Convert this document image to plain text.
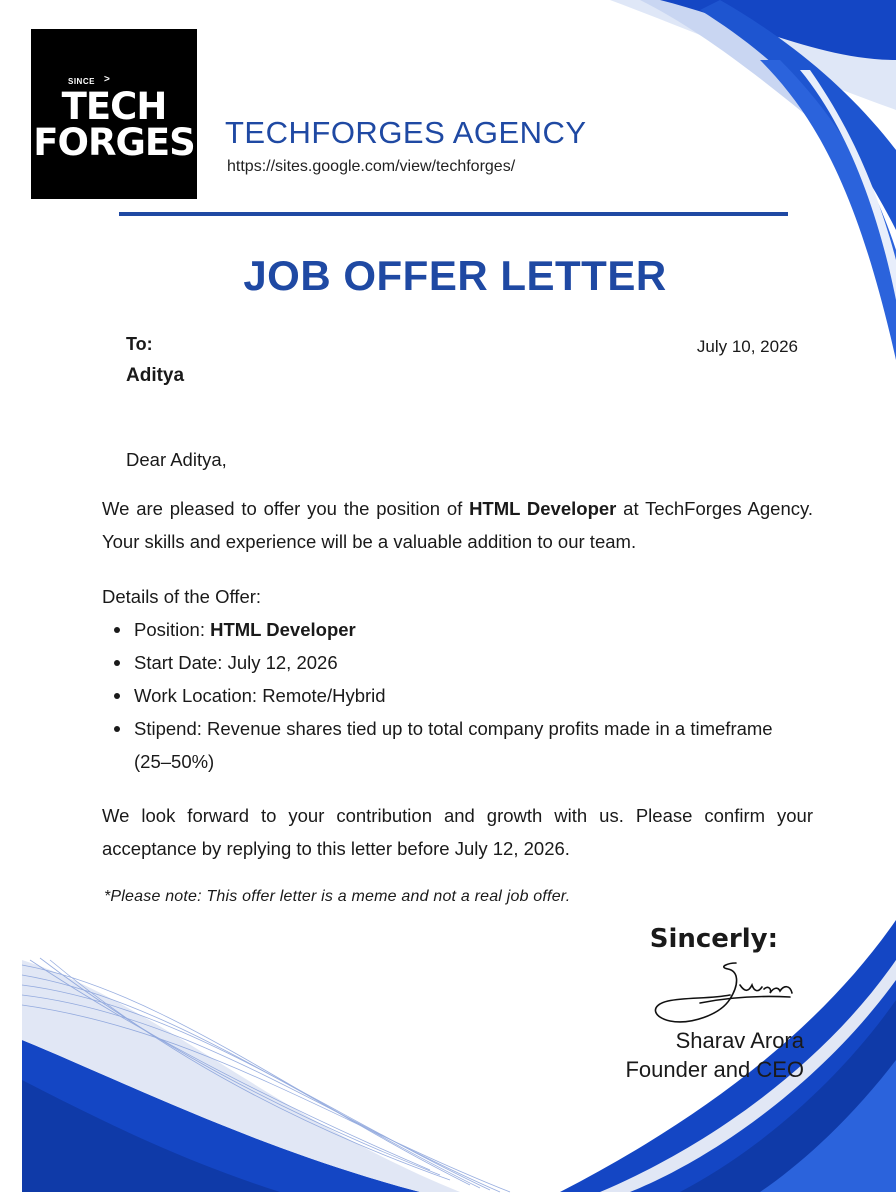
SINCE >
TECH
FORGES TECHFORGES AGENCY
https://sites.google.com/view/techforges/
JOB OFFER LETTER
To:
Aditya
July 10, 2026
Dear Aditya,
We are pleased to offer you the position of HTML Developer at TechForges Agency. Your skills and experience will be a valuable addition to our team.
Details of the Offer:
Position: HTML Developer
Start Date: July 12, 2026
Work Location: Remote/Hybrid
Stipend: Revenue shares tied up to total company profits made in a timeframe (25–50%)
We look forward to your contribution and growth with us. Please confirm your acceptance by replying to this letter before July 12, 2026.
*Please note: This offer letter is a meme and not a real job offer.
Sincerly:
Sharav Arora
Founder and CEO
